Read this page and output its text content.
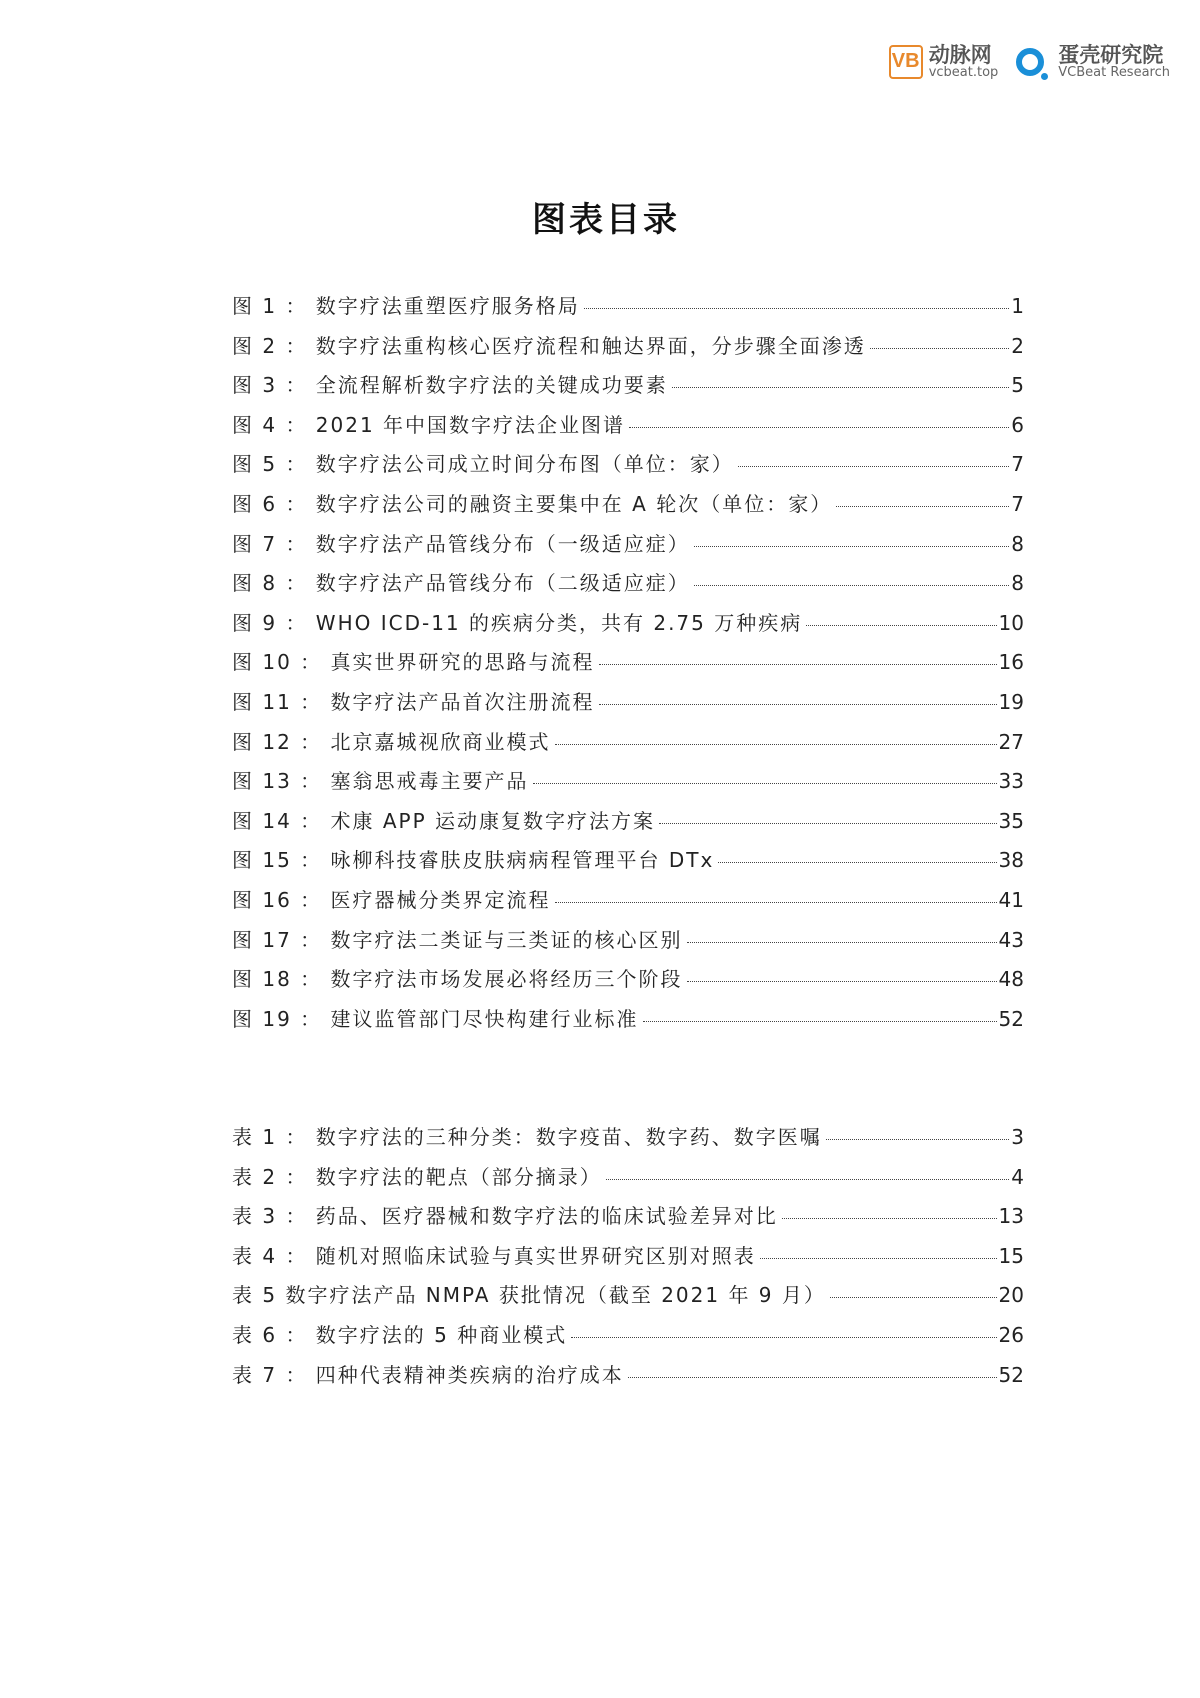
VB 动脉网
vcbeat.top
蛋壳研究院
VCBeat Research
图表目录
图 1 ： 数字疗法重塑医疗服务格局	1
图 2 ： 数字疗法重构核心医疗流程和触达界面，分步骤全面渗透	2
图 3 ： 全流程解析数字疗法的关键成功要素	5
图 4 ： 2021 年中国数字疗法企业图谱	6
图 5 ： 数字疗法公司成立时间分布图（单位：家）	7
图 6 ： 数字疗法公司的融资主要集中在 A 轮次（单位：家）	7
图 7 ： 数字疗法产品管线分布（一级适应症）	8
图 8 ： 数字疗法产品管线分布（二级适应症）	8
图 9 ： WHO ICD-11 的疾病分类，共有 2.75 万种疾病	10
图 10 ： 真实世界研究的思路与流程	16
图 11 ： 数字疗法产品首次注册流程	19
图 12 ： 北京嘉城视欣商业模式	27
图 13 ： 塞翁思戒毒主要产品	33
图 14 ： 术康 APP 运动康复数字疗法方案	35
图 15 ： 咏柳科技睿肤皮肤病病程管理平台 DTx	38
图 16 ： 医疗器械分类界定流程	41
图 17 ： 数字疗法二类证与三类证的核心区别	43
图 18 ： 数字疗法市场发展必将经历三个阶段	48
图 19 ： 建议监管部门尽快构建行业标准	52
表 1 ： 数字疗法的三种分类：数字疫苗、数字药、数字医嘱	3
表 2 ： 数字疗法的靶点（部分摘录）	4
表 3 ： 药品、医疗器械和数字疗法的临床试验差异对比	13
表 4 ： 随机对照临床试验与真实世界研究区别对照表	15
表 5 数字疗法产品 NMPA 获批情况（截至 2021 年 9 月）	20
表 6 ： 数字疗法的 5 种商业模式	26
表 7 ： 四种代表精神类疾病的治疗成本	52
